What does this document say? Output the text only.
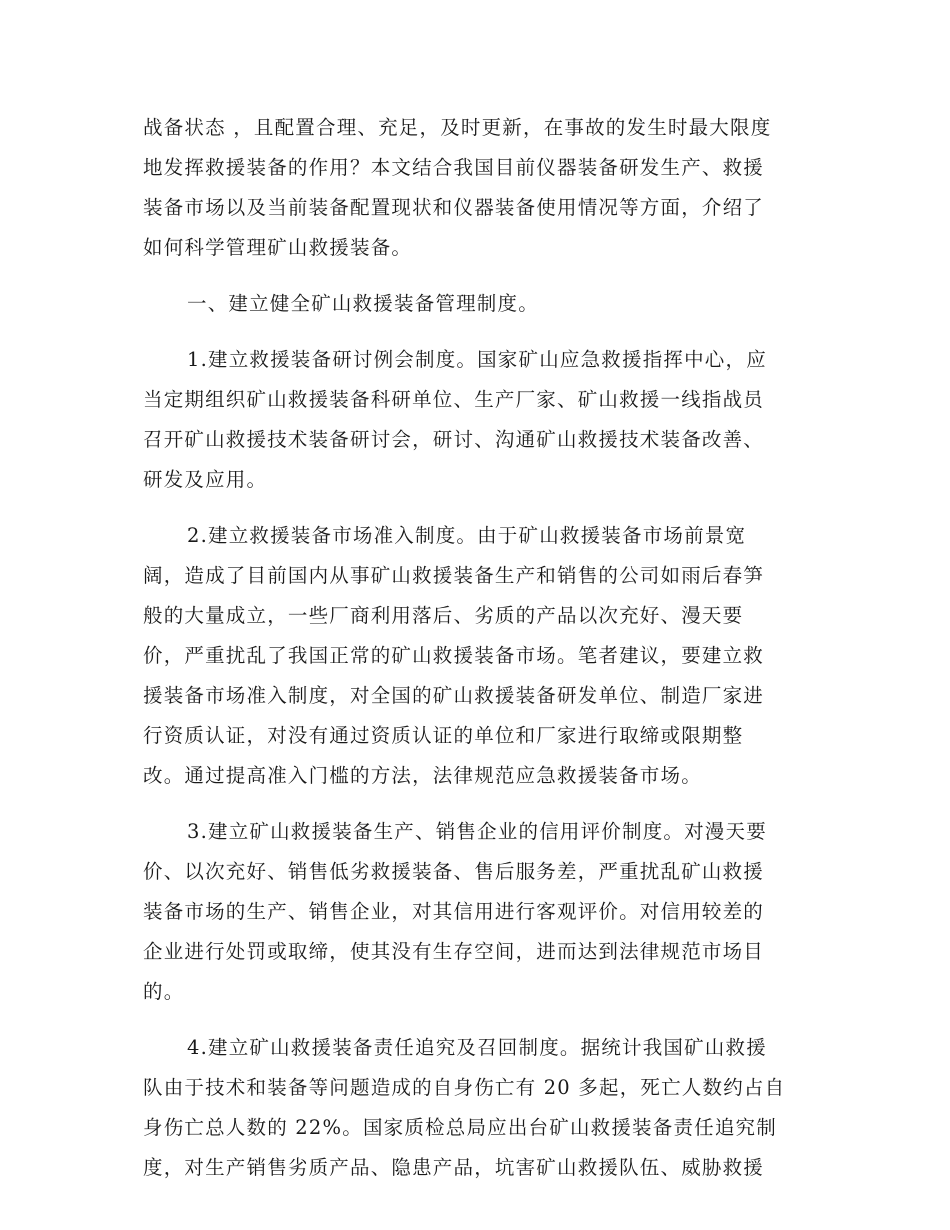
战备状态 ，且配置合理、充足，及时更新，在事故的发生时最大限度
地发挥救援装备的作用？本文结合我国目前仪器装备研发生产、救援
装备市场以及当前装备配置现状和仪器装备使用情况等方面，介绍了
如何科学管理矿山救援装备。
一、建立健全矿山救援装备管理制度。
1.建立救援装备研讨例会制度。国家矿山应急救援指挥中心，应
当定期组织矿山救援装备科研单位、生产厂家、矿山救援一线指战员
召开矿山救援技术装备研讨会，研讨、沟通矿山救援技术装备改善、
研发及应用。
2.建立救援装备市场准入制度。由于矿山救援装备市场前景宽
阔，造成了目前国内从事矿山救援装备生产和销售的公司如雨后春笋
般的大量成立，一些厂商利用落后、劣质的产品以次充好、漫天要
价，严重扰乱了我国正常的矿山救援装备市场。笔者建议，要建立救
援装备市场准入制度，对全国的矿山救援装备研发单位、制造厂家进
行资质认证，对没有通过资质认证的单位和厂家进行取缔或限期整
改。通过提高准入门槛的方法，法律规范应急救援装备市场。
3.建立矿山救援装备生产、销售企业的信用评价制度。对漫天要
价、以次充好、销售低劣救援装备、售后服务差，严重扰乱矿山救援
装备市场的生产、销售企业，对其信用进行客观评价。对信用较差的
企业进行处罚或取缔，使其没有生存空间，进而达到法律规范市场目
的。
4.建立矿山救援装备责任追究及召回制度。据统计我国矿山救援
队由于技术和装备等问题造成的自身伤亡有 20 多起，死亡人数约占自
身伤亡总人数的 22%。国家质检总局应出台矿山救援装备责任追究制
度，对生产销售劣质产品、隐患产品，坑害矿山救援队伍、威胁救援
